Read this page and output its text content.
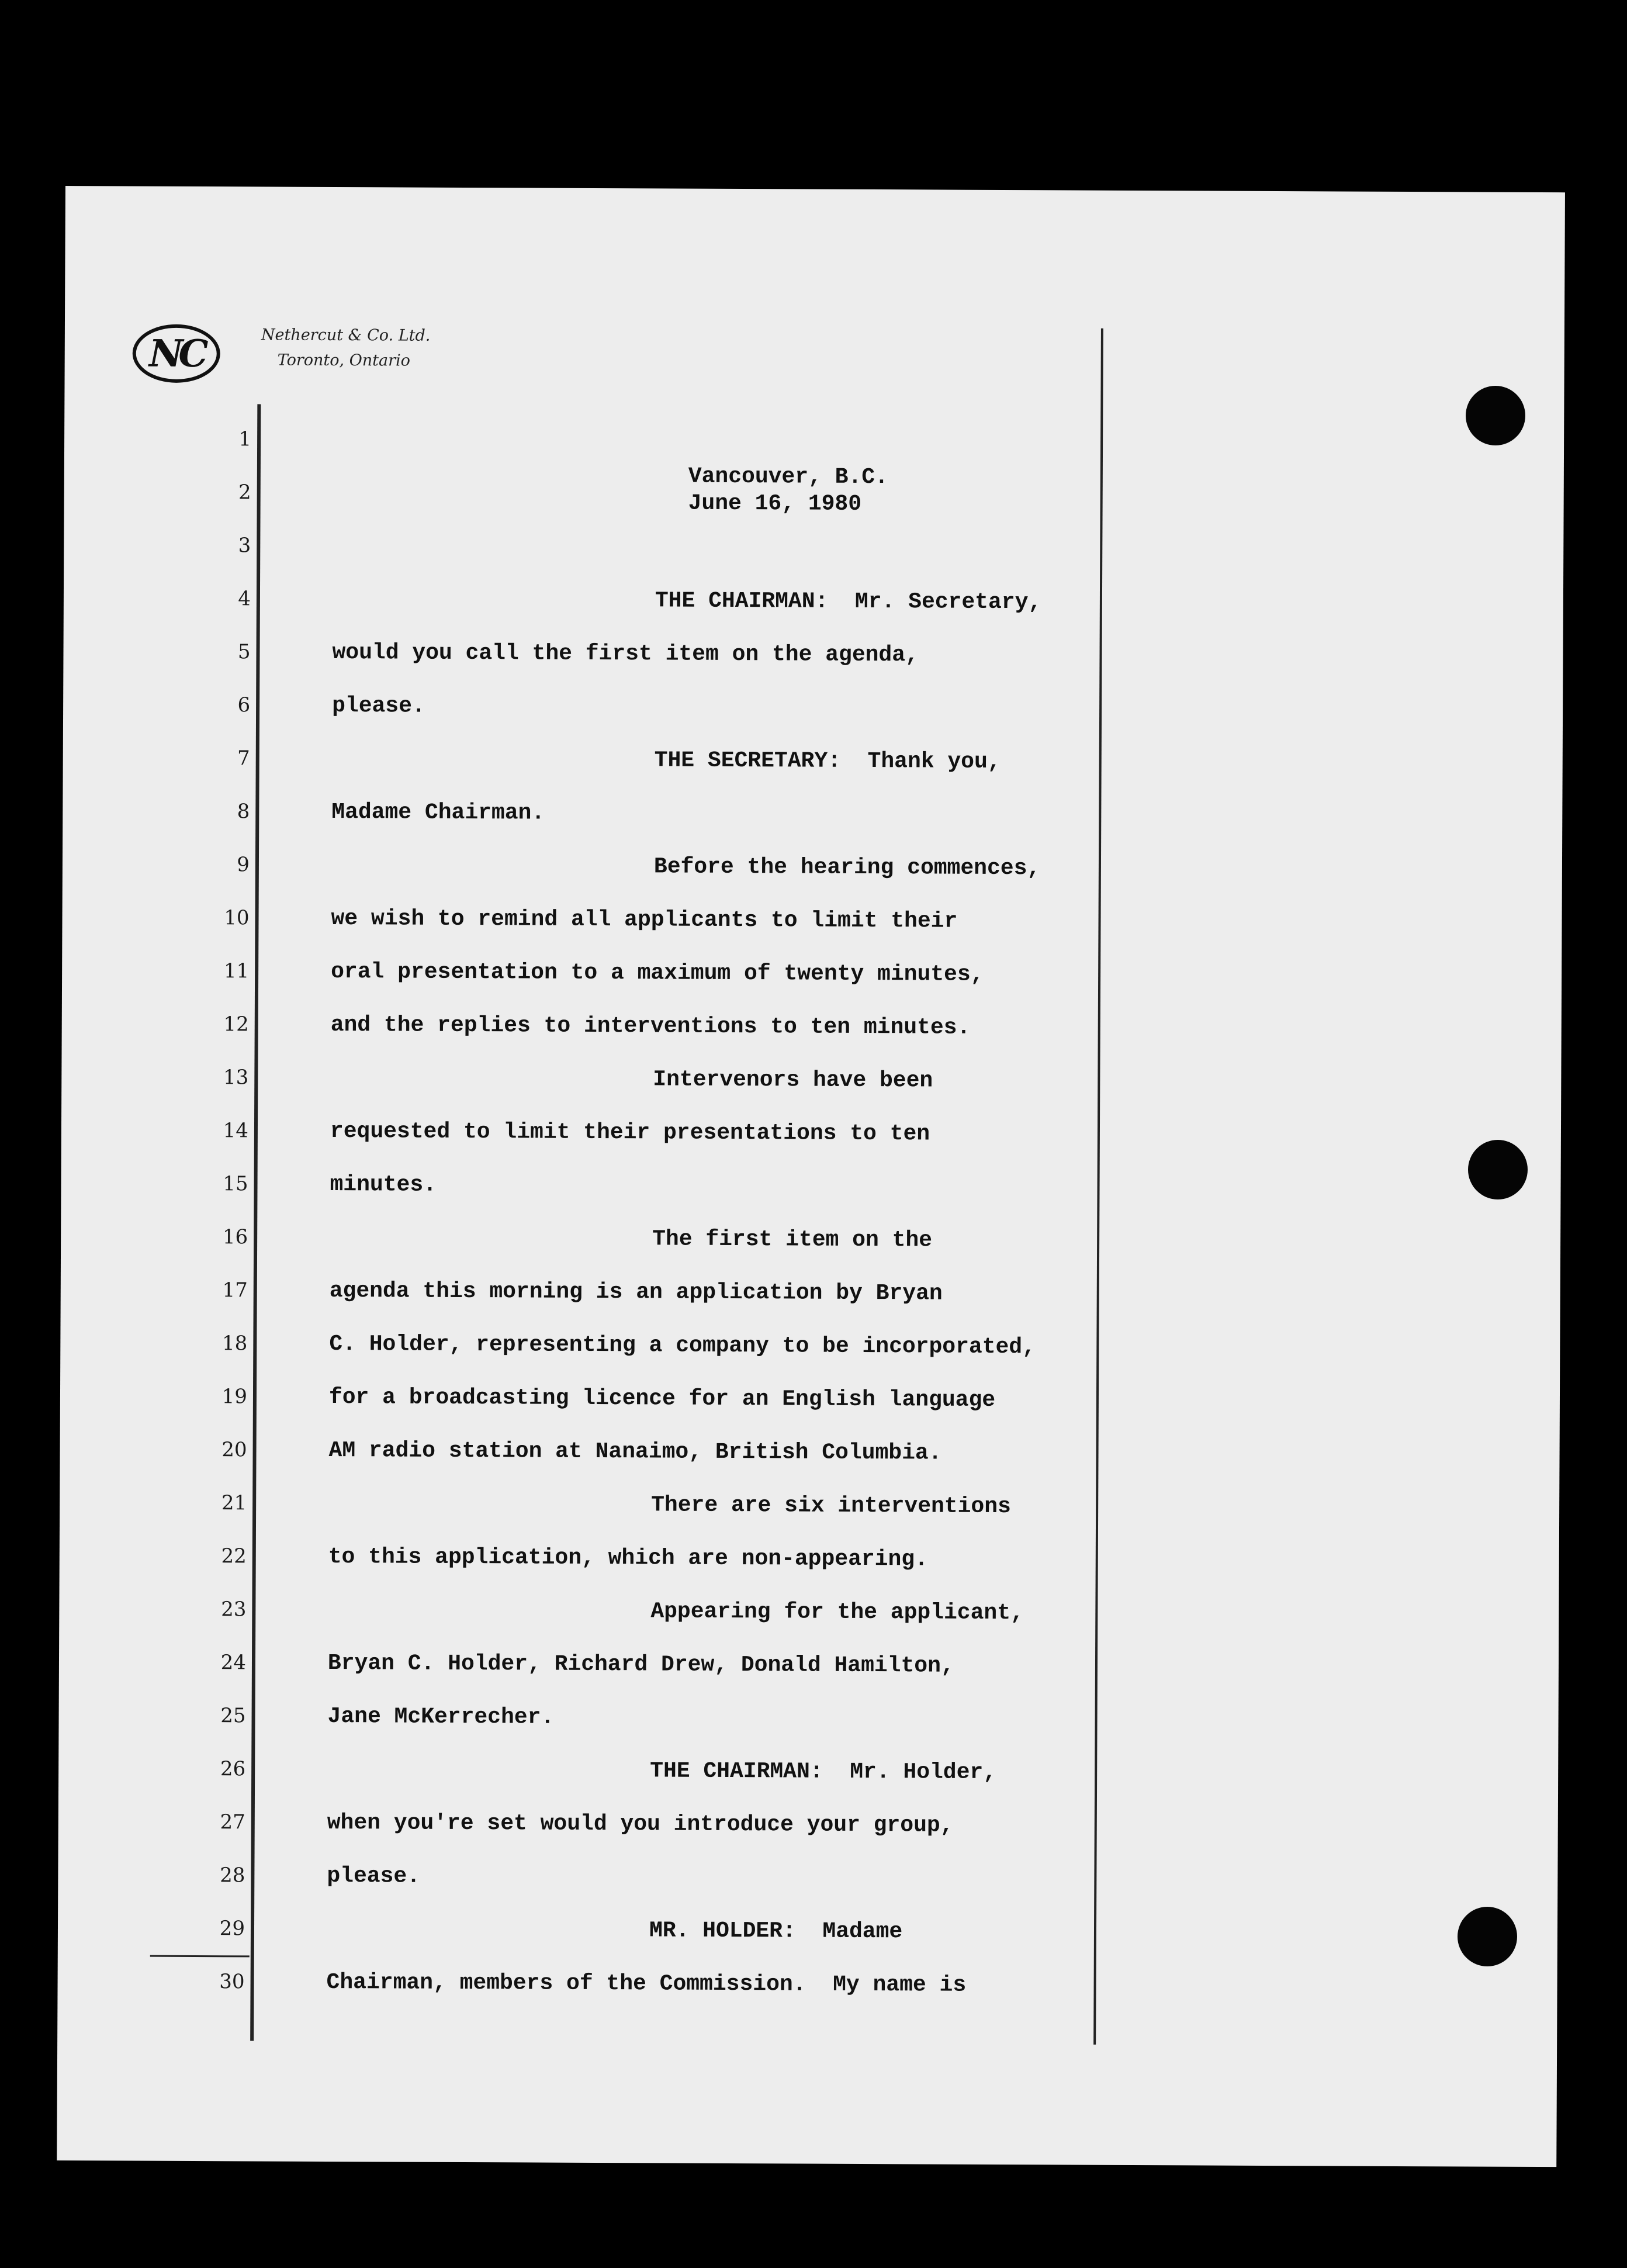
NC	Nethercut & Co. Ltd.
Toronto, Ontario
1
2
3
4
5
6
7
8
9
10
11
12
13
14
15
16
17
18
19
20
21
22
23
24
25
26
27
28
29
30
Vancouver, B.C.
June 16, 1980
THE CHAIRMAN:  Mr. Secretary,
would you call the first item on the agenda,
please.
THE SECRETARY:  Thank you,
Madame Chairman.
Before the hearing commences,
we wish to remind all applicants to limit their
oral presentation to a maximum of twenty minutes,
and the replies to interventions to ten minutes.
Intervenors have been
requested to limit their presentations to ten
minutes.
The first item on the
agenda this morning is an application by Bryan
C. Holder, representing a company to be incorporated,
for a broadcasting licence for an English language
AM radio station at Nanaimo, British Columbia.
There are six interventions
to this application, which are non-appearing.
Appearing for the applicant,
Bryan C. Holder, Richard Drew, Donald Hamilton,
Jane McKerrecher.
THE CHAIRMAN:  Mr. Holder,
when you're set would you introduce your group,
please.
MR. HOLDER:  Madame
Chairman, members of the Commission.  My name is
